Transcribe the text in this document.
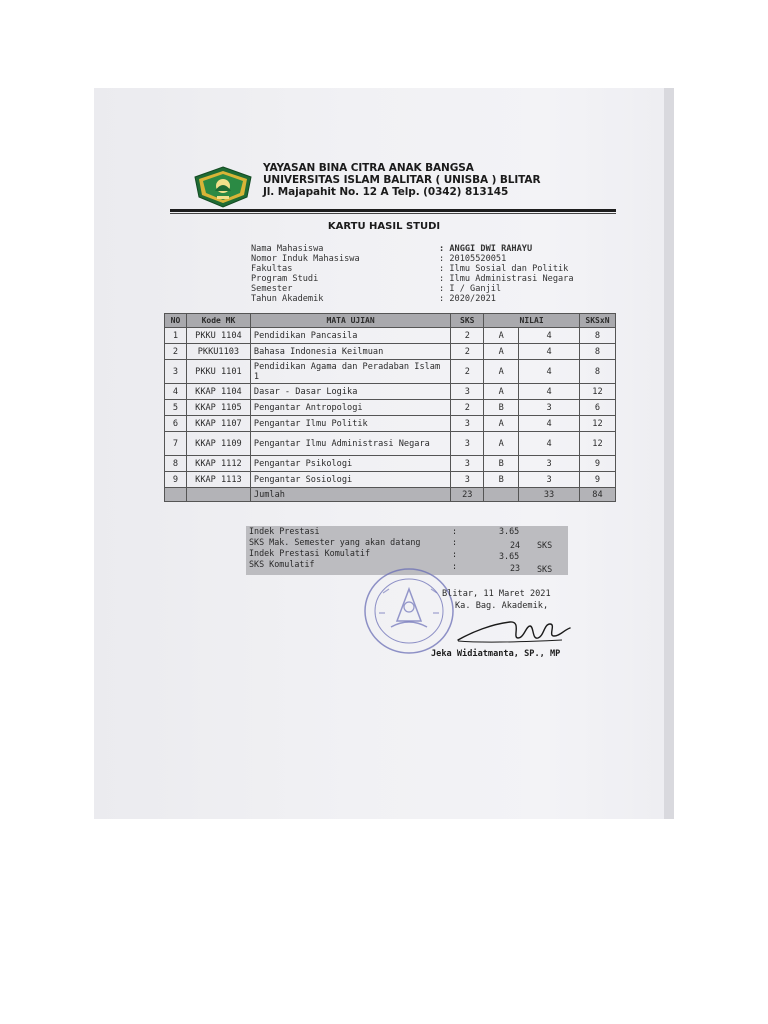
YAYASAN BINA CITRA ANAK BANGSA
UNIVERSITAS ISLAM BALITAR ( UNISBA ) BLITAR
Jl. Majapahit No. 12 A Telp. (0342) 813145
KARTU HASIL STUDI
Nama Mahasiswa	: ANGGI DWI RAHAYU
Nomor Induk Mahasiswa	: 20105520051
Fakultas	: Ilmu Sosial dan Politik
Program Studi	: Ilmu Administrasi Negara
Semester	: I / Ganjil
Tahun Akademik	: 2020/2021
NO	Kode MK	MATA UJIAN	SKS	NILAI		SKSxN
1	PKKU 1104	Pendidikan Pancasila	2	A	4	8
2	PKKU1103	Bahasa Indonesia Keilmuan	2	A	4	8
3	PKKU 1101	Pendidikan Agama dan Peradaban Islam 1	2	A	4	8
4	KKAP 1104	Dasar - Dasar Logika	3	A	4	12
5	KKAP 1105	Pengantar Antropologi	2	B	3	6
6	KKAP 1107	Pengantar Ilmu Politik	3	A	4	12
7	KKAP 1109	Pengantar Ilmu Administrasi Negara	3	A	4	12
8	KKAP 1112	Pengantar Psikologi	3	B	3	9
9	KKAP 1113	Pengantar Sosiologi	3	B	3	9
		Jumlah	23		33	84
Indek Prestasi	:	3.65
SKS Mak. Semester yang akan datang	:	24 SKS
Indek Prestasi Komulatif	:	3.65
SKS Komulatif	:	23 SKS
Blitar, 11 Maret 2021
Ka. Bag. Akademik,
Jeka Widiatmanta, SP., MP
